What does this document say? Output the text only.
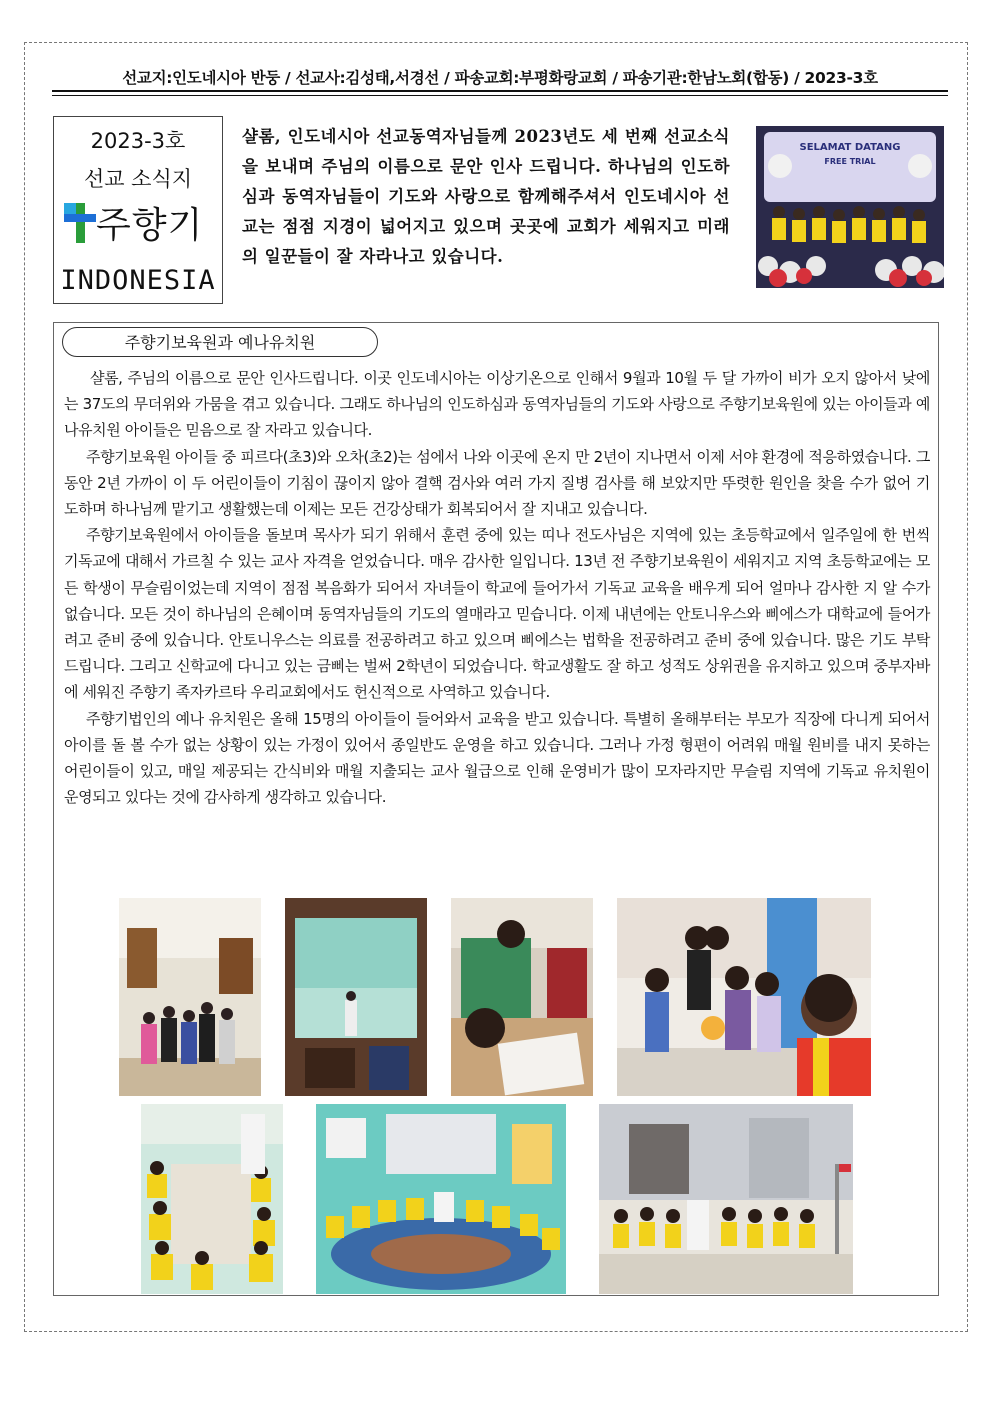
선교지:인도네시아 반둥 / 선교사:김성태,서경선 / 파송교회:부평화랑교회 / 파송기관:한남노회(합동) / 2023-3호
2023-3호
선교 소식지
주향기
INDONESIA
샬롬, 인도네시아 선교동역자님들께 2023년도 세 번째 선교소식을 보내며 주님의 이름으로 문안 인사 드립니다. 하나님의 인도하심과 동역자님들이 기도와 사랑으로 함께해주셔서 인도네시아 선교는 점점 지경이 넓어지고 있으며 곳곳에 교회가 세워지고 미래의 일꾼들이 잘 자라나고 있습니다.
SELAMAT DATANG
FREE TRIAL
주향기보육원과 예나유치원

샬롬, 주님의 이름으로 문안 인사드립니다. 이곳 인도네시아는 이상기온으로 인해서 9월과 10월 두 달 가까이 비가 오지 않아서 낮에는 37도의 무더위와 가뭄을 겪고 있습니다. 그래도 하나님의 인도하심과 동역자님들의 기도와 사랑으로 주향기보육원에 있는 아이들과 예나유치원 아이들은 믿음으로 잘 자라고 있습니다.

주향기보육원 아이들 중 피르다(초3)와 오차(초2)는 섬에서 나와 이곳에 온지 만 2년이 지나면서 이제 서야 환경에 적응하였습니다. 그동안 2년 가까이 이 두 어린이들이 기침이 끊이지 않아 결핵 검사와 여러 가지 질병 검사를 해 보았지만 뚜렷한 원인을 찾을 수가 없어 기도하며 하나님께 맡기고 생활했는데 이제는 모든 건강상태가 회복되어서 잘 지내고 있습니다.

주향기보육원에서 아이들을 돌보며 목사가 되기 위해서 훈련 중에 있는 띠나 전도사님은 지역에 있는 초등학교에서 일주일에 한 번씩 기독교에 대해서 가르칠 수 있는 교사 자격을 얻었습니다. 매우 감사한 일입니다. 13년 전 주향기보육원이 세워지고 지역 초등학교에는 모든 학생이 무슬림이었는데 지역이 점점 복음화가 되어서 자녀들이 학교에 들어가서 기독교 교육을 배우게 되어 얼마나 감사한 지 알 수가 없습니다. 모든 것이 하나님의 은혜이며 동역자님들의 기도의 열매라고 믿습니다. 이제 내년에는 안토니우스와 삐에스가 대학교에 들어가려고 준비 중에 있습니다. 안토니우스는 의료를 전공하려고 하고 있으며 삐에스는 법학을 전공하려고 준비 중에 있습니다. 많은 기도 부탁드립니다. 그리고 신학교에 다니고 있는 금삐는 벌써 2학년이 되었습니다. 학교생활도 잘 하고 성적도 상위권을 유지하고 있으며 중부자바에 세워진 주향기 족자카르타 우리교회에서도 헌신적으로 사역하고 있습니다.

주향기법인의 예나 유치원은 올해 15명의 아이들이 들어와서 교육을 받고 있습니다. 특별히 올해부터는 부모가 직장에 다니게 되어서 아이를 돌 볼 수가 없는 상황이 있는 가정이 있어서 종일반도 운영을 하고 있습니다. 그러나 가정 형편이 어려워 매월 원비를 내지 못하는 어린이들이 있고, 매일 제공되는 간식비와 매월 지출되는 교사 월급으로 인해 운영비가 많이 모자라지만 무슬림 지역에 기독교 유치원이 운영되고 있다는 것에 감사하게 생각하고 있습니다.
